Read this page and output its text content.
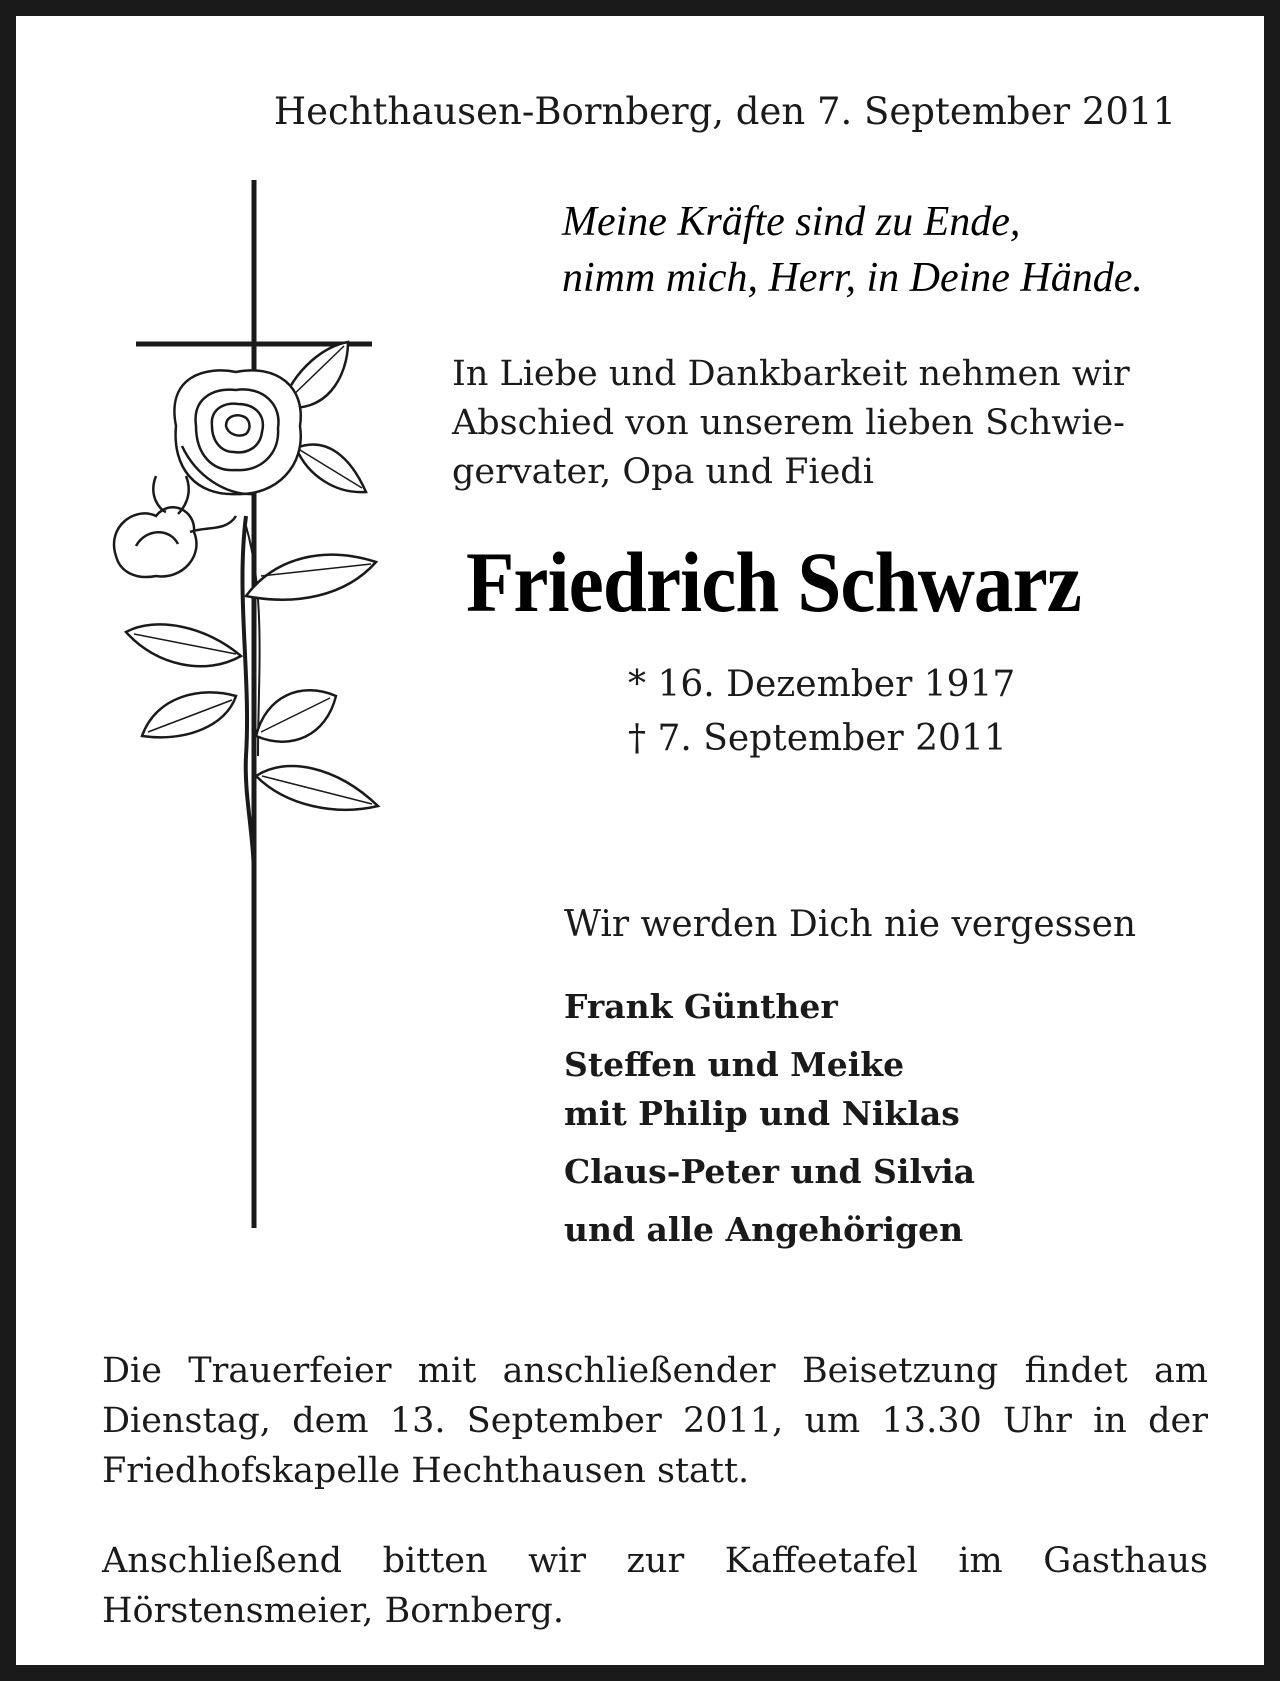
Hechthausen-Bornberg, den 7. September 2011
Meine Kräfte sind zu Ende,
nimm mich, Herr, in Deine Hände.
In Liebe und Dankbarkeit nehmen wir
Abschied von unserem lieben Schwie-
gervater, Opa und Fiedi
Friedrich Schwarz
* 16. Dezember 1917
† 7. September 2011
Wir werden Dich nie vergessen
Frank Günther
Steffen und Meike
mit Philip und Niklas
Claus-Peter und Silvia
und alle Angehörigen

Die Trauerfeier mit anschließender Beisetzung findet am Dienstag, dem 13. September 2011, um 13.30 Uhr in der Friedhofskapelle Hechthausen statt.

Anschließend bitten wir zur Kaffeetafel im Gasthaus Hörstensmeier, Bornberg.
